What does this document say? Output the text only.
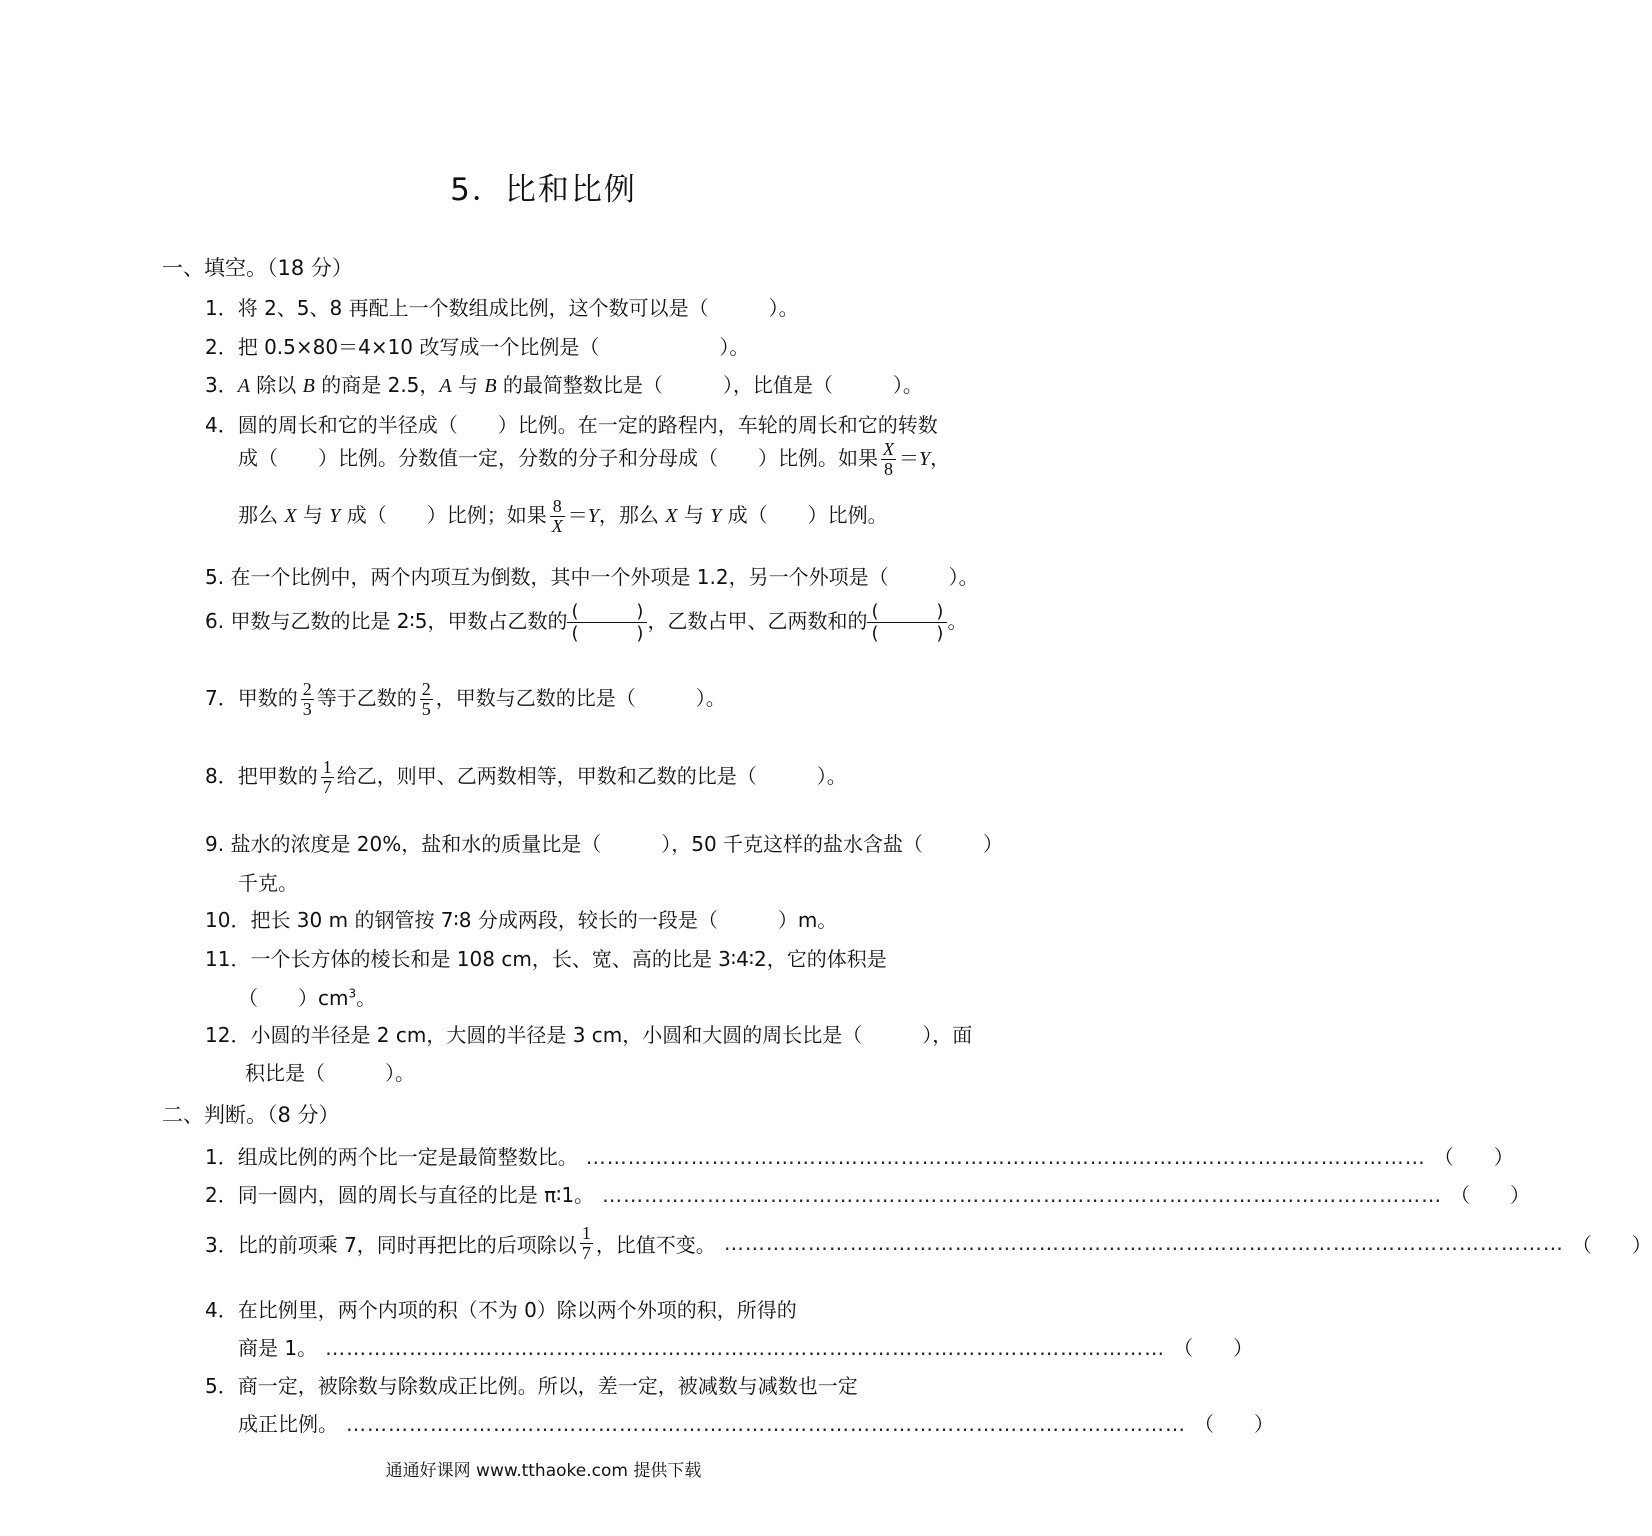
5．比和比例
一、填空。（18 分）
1．将 2、5、8 再配上一个数组成比例，这个数可以是（　　　）。
2．把 0.5×80＝4×10 改写成一个比例是（　　　　　　）。
3．A 除以 B 的商是 2.5，A 与 B 的最简整数比是（　　　），比值是（　　　）。
4．圆的周长和它的半径成（　　）比例。在一定的路程内，车轮的周长和它的转数
成（　　）比例。分数值一定，分数的分子和分母成（　　）比例。如果 $\frac{X}{8} =Y$，
那么 X 与 Y 成（　　）比例；如果 $\frac{8}{X} =Y$，那么 X 与 Y 成（　　）比例。
5. 在一个比例中，两个内项互为倒数，其中一个外项是 1.2，另一个外项是（　　　）。
6. 甲数与乙数的比是 2∶5，甲数占乙数的 (	)
(	)
，乙数占甲、乙两数和的 (	)
(	)
。
7．甲数的 $\frac{2}{3}$ 等于乙数的 $\frac{2}{5}$ ，甲数与乙数的比是（　　　）。
8．把甲数的 $\frac{1}{7}$ 给乙，则甲、乙两数相等，甲数和乙数的比是（　　　）。
9. 盐水的浓度是 20%，盐和水的质量比是（　　　），50 千克这样的盐水含盐（　　　）
千克。
10．把长 30 m 的钢管按 7∶8 分成两段，较长的一段是（　　　）m。
11．一个长方体的棱长和是 108 cm，长、宽、高的比是 3∶4∶2，它的体积是
（　　）$cm^3$。
12．小圆的半径是 2 cm，大圆的半径是 3 cm，小圆和大圆的周长比是（　　　），面
积比是（　　　）。
二、判断。（8 分）
1．组成比例的两个比一定是最简整数比。 ………………………………………………………………………………………………………… （　　）
2．同一圆内，圆的周长与直径的比是 π∶1。 ………………………………………………………………………………………………………… （　　）
3．比的前项乘 7，同时再把比的后项除以 $\frac{1}{7}$ ，比值不变。 ………………………………………………………………………………………………………… （　　）
4．在比例里，两个内项的积（不为 0）除以两个外项的积，所得的
商是 1。 ………………………………………………………………………………………………………… （　　）
5．商一定，被除数与除数成正比例。所以，差一定，被减数与减数也一定
成正比例。 ………………………………………………………………………………………………………… （　　）
通通好课网 www.tthaoke.com 提供下载
